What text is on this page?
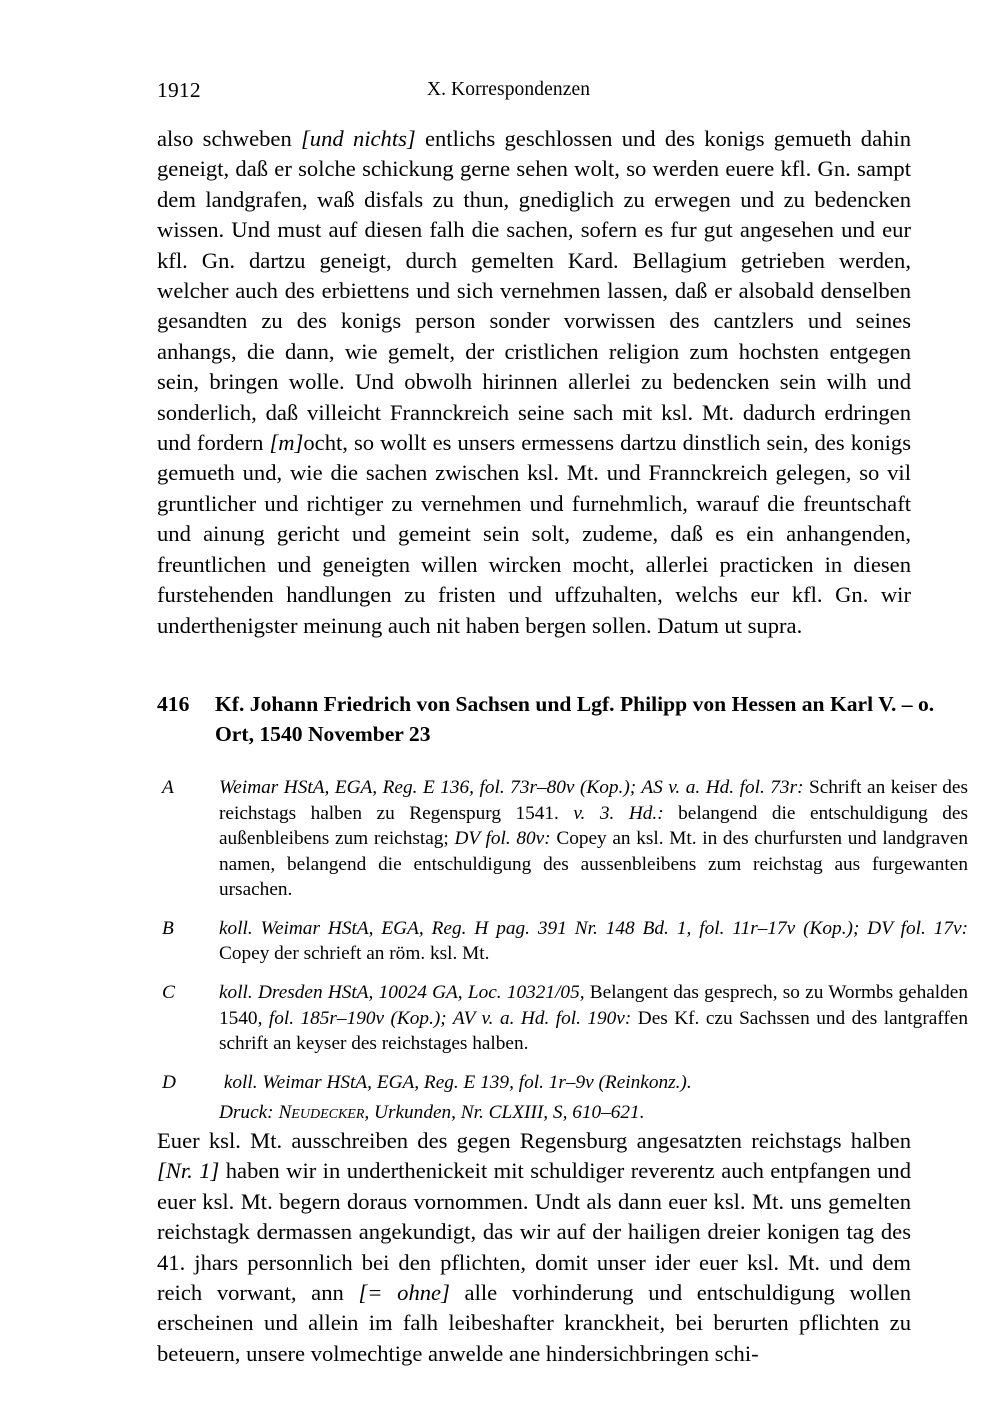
1912	X. Korrespondenzen

also schweben [und nichts] entlichs geschlossen und des konigs gemueth dahin geneigt, daß er solche schickung gerne sehen wolt, so werden euere kfl. Gn. sampt dem landgrafen, waß disfals zu thun, gnediglich zu erwegen und zu bedencken wissen. Und must auf diesen falh die sachen, sofern es fur gut angesehen und eur kfl. Gn. dartzu geneigt, durch gemelten Kard. Bellagium getrieben werden, welcher auch des erbiettens und sich vernehmen lassen, daß er alsobald denselben gesandten zu des konigs person sonder vorwissen des cantzlers und seines anhangs, die dann, wie gemelt, der cristlichen religion zum hochsten entgegen sein, bringen wolle. Und obwolh hirinnen allerlei zu bedencken sein wilh und sonderlich, daß villeicht Frannckreich seine sach mit ksl. Mt. dadurch erdringen und fordern [m]ocht, so wollt es unsers ermessens dartzu dinstlich sein, des konigs gemueth und, wie die sachen zwischen ksl. Mt. und Frannckreich gelegen, so vil gruntlicher und richtiger zu vernehmen und furnehmlich, warauf die freuntschaft und ainung gericht und gemeint sein solt, zudeme, daß es ein anhangenden, freuntlichen und geneigten willen wircken mocht, allerlei practicken in diesen furstehenden handlungen zu fristen und uffzuhalten, welchs eur kfl. Gn. wir underthenigster meinung auch nit haben bergen sollen. Datum ut supra.

416 Kf. Johann Friedrich von Sachsen und Lgf. Philipp von Hessen an Karl V. – o. Ort, 1540 November 23
A Weimar HStA, EGA, Reg. E 136, fol. 73r–80v (Kop.); AS v. a. Hd. fol. 73r: Schrift an keiser des reichstags halben zu Regenspurg 1541. v. 3. Hd.: belangend die entschuldigung des außenbleibens zum reichstag; DV fol. 80v: Copey an ksl. Mt. in des churfursten und landgraven namen, belangend die entschuldigung des aussenbleibens zum reichstag aus furgewanten ursachen.
B koll. Weimar HStA, EGA, Reg. H pag. 391 Nr. 148 Bd. 1, fol. 11r–17v (Kop.); DV fol. 17v: Copey der schrieft an röm. ksl. Mt.
C koll. Dresden HStA, 10024 GA, Loc. 10321/05, Belangent das gesprech, so zu Wormbs gehalden 1540, fol. 185r–190v (Kop.); AV v. a. Hd. fol. 190v: Des Kf. czu Sachssen und des lantgraffen schrift an keyser des reichstages halben.
D koll. Weimar HStA, EGA, Reg. E 139, fol. 1r–9v (Reinkonz.).
Druck: Neudecker, Urkunden, Nr. CLXIII, S, 610–621.

Euer ksl. Mt. ausschreiben des gegen Regensburg angesatzten reichstags halben [Nr. 1] haben wir in underthenickeit mit schuldiger reverentz auch entpfangen und euer ksl. Mt. begern doraus vornommen. Undt als dann euer ksl. Mt. uns gemelten reichstagk dermassen angekundigt, das wir auf der hailigen dreier konigen tag des 41. jhars personnlich bei den pflichten, domit unser ider euer ksl. Mt. und dem reich vorwant, ann [= ohne] alle vorhinderung und entschuldigung wollen erscheinen und allein im falh leibeshafter kranckheit, bei berurten pflichten zu beteuern, unsere volmechtige anwelde ane hindersichbringen schi-
